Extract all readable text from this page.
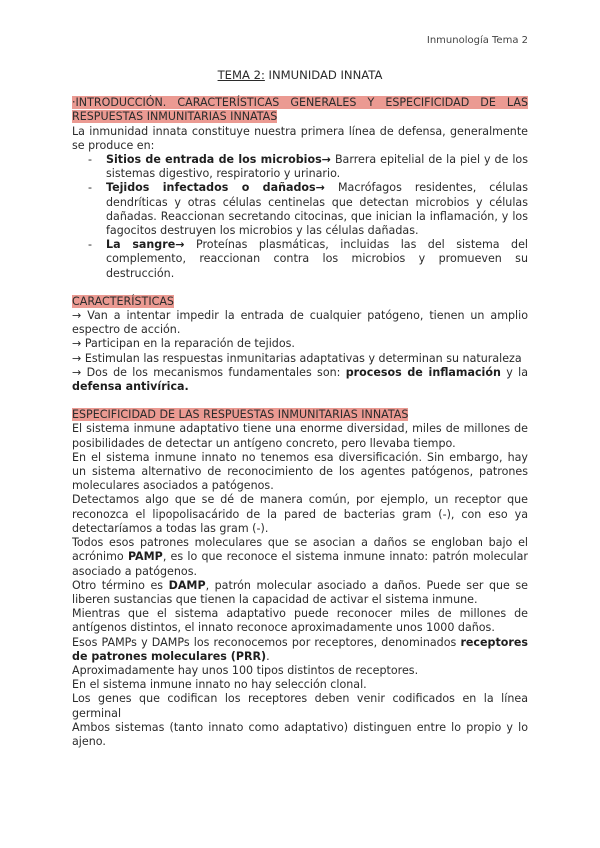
Inmunología Tema 2

TEMA 2: INMUNIDAD INNATA

·INTRODUCCIÓN. CARACTERÍSTICAS GENERALES Y ESPECIFICIDAD DE LAS RESPUESTAS INMUNITARIAS INNATAS

La inmunidad innata constituye nuestra primera línea de defensa, generalmente se produce en:

- Sitios de entrada de los microbios→ Barrera epitelial de la piel y de los sistemas digestivo, respiratorio y urinario.
- Tejidos infectados o dañados→ Macrófagos residentes, células dendríticas y otras células centinelas que detectan microbios y células dañadas. Reaccionan secretando citocinas, que inician la inflamación, y los fagocitos destruyen los microbios y las células dañadas.
- La sangre→ Proteínas plasmáticas, incluidas las del sistema del complemento, reaccionan contra los microbios y promueven su destrucción.

CARACTERÍSTICAS

→ Van a intentar impedir la entrada de cualquier patógeno, tienen un amplio espectro de acción.

→ Participan en la reparación de tejidos.

→ Estimulan las respuestas inmunitarias adaptativas y determinan su naturaleza

→ Dos de los mecanismos fundamentales son: procesos de inflamación y la defensa antivírica.

ESPECIFICIDAD DE LAS RESPUESTAS INMUNITARIAS INNATAS

El sistema inmune adaptativo tiene una enorme diversidad, miles de millones de posibilidades de detectar un antígeno concreto, pero llevaba tiempo.

En el sistema inmune innato no tenemos esa diversificación. Sin embargo, hay un sistema alternativo de reconocimiento de los agentes patógenos, patrones moleculares asociados a patógenos.

Detectamos algo que se dé de manera común, por ejemplo, un receptor que reconozca el lipopolisacárido de la pared de bacterias gram (-), con eso ya detectaríamos a todas las gram (-).

Todos esos patrones moleculares que se asocian a daños se engloban bajo el acrónimo PAMP, es lo que reconoce el sistema inmune innato: patrón molecular asociado a patógenos.

Otro término es DAMP, patrón molecular asociado a daños. Puede ser que se liberen sustancias que tienen la capacidad de activar el sistema inmune.

Mientras que el sistema adaptativo puede reconocer miles de millones de antígenos distintos, el innato reconoce aproximadamente unos 1000 daños.

Esos PAMPs y DAMPs los reconocemos por receptores, denominados receptores de patrones moleculares (PRR).

Aproximadamente hay unos 100 tipos distintos de receptores.

En el sistema inmune innato no hay selección clonal.

Los genes que codifican los receptores deben venir codificados en la línea germinal

Ambos sistemas (tanto innato como adaptativo) distinguen entre lo propio y lo ajeno.
